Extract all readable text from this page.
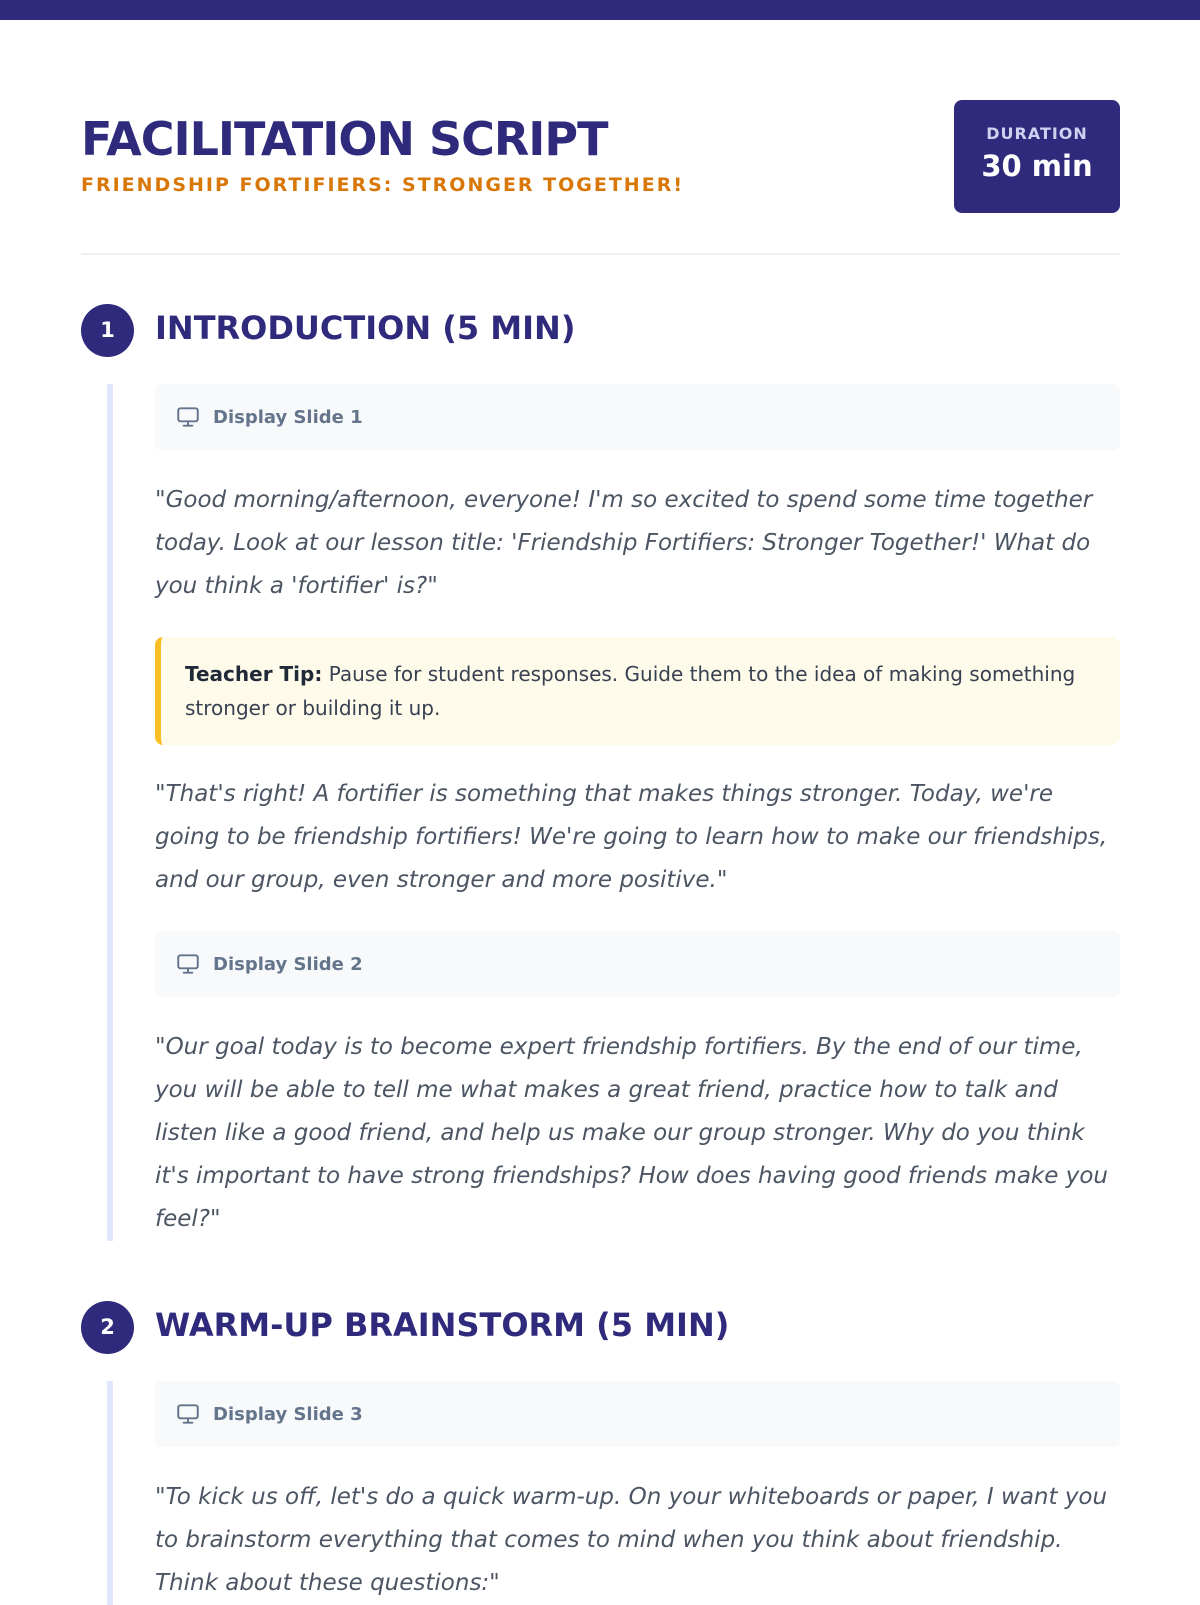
FACILITATION SCRIPT
FRIENDSHIP FORTIFIERS: STRONGER TOGETHER!
DURATION
30 min
1	INTRODUCTION (5 MIN)
Display Slide 1

"Good morning/afternoon, everyone! I'm so excited to spend some time together today. Look at our lesson title: 'Friendship Fortifiers: Stronger Together!' What do you think a 'fortifier' is?"

Teacher Tip: Pause for student responses. Guide them to the idea of making something stronger or building it up.

"That's right! A fortifier is something that makes things stronger. Today, we're going to be friendship fortifiers! We're going to learn how to make our friendships, and our group, even stronger and more positive."

Display Slide 2

"Our goal today is to become expert friendship fortifiers. By the end of our time, you will be able to tell me what makes a great friend, practice how to talk and listen like a good friend, and help us make our group stronger. Why do you think it's important to have strong friendships? How does having good friends make you feel?"

2	WARM-UP BRAINSTORM (5 MIN)
Display Slide 3

"To kick us off, let's do a quick warm-up. On your whiteboards or paper, I want you to brainstorm everything that comes to mind when you think about friendship. Think about these questions:"
